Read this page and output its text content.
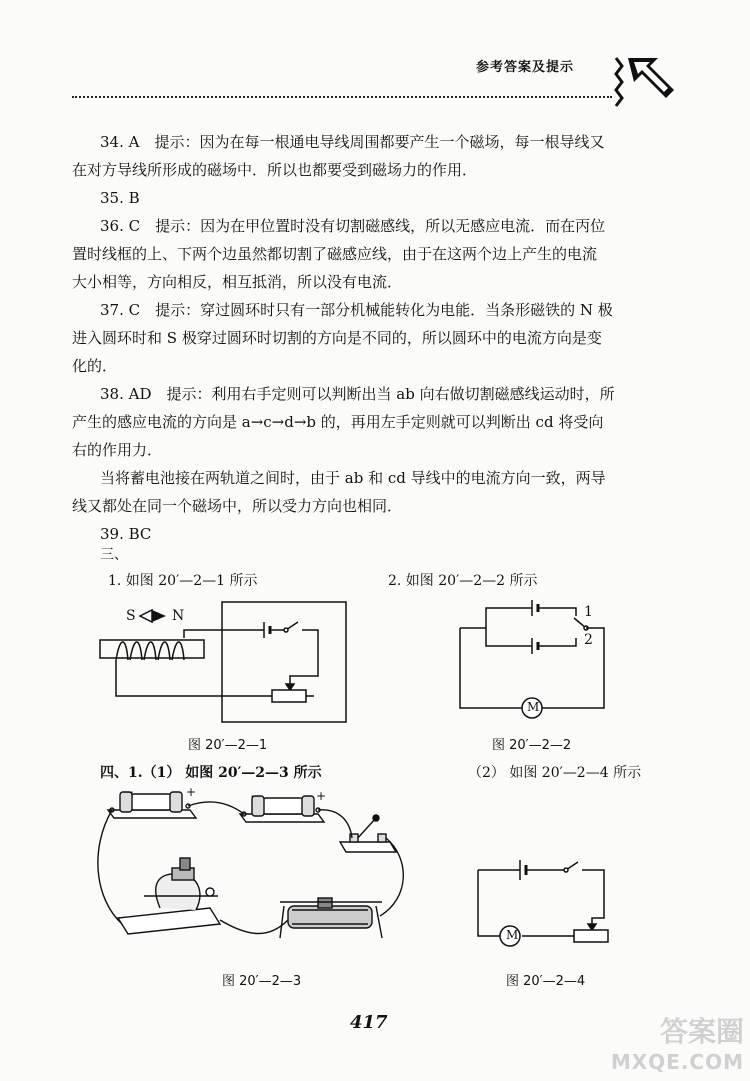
参考答案及提示

34. A　提示：因为在每一根通电导线周围都要产生一个磁场，每一根导线又

在对方导线所形成的磁场中．所以也都要受到磁场力的作用．

35. B

36. C　提示：因为在甲位置时没有切割磁感线，所以无感应电流．而在丙位

置时线框的上、下两个边虽然都切割了磁感应线，由于在这两个边上产生的电流

大小相等，方向相反，相互抵消，所以没有电流．

37. C　提示：穿过圆环时只有一部分机械能转化为电能．当条形磁铁的 N 极

进入圆环时和 S 极穿过圆环时切割的方向是不同的，所以圆环中的电流方向是变

化的．

38. AD　提示：利用右手定则可以判断出当 ab 向右做切割磁感线运动时，所

产生的感应电流的方向是 a→c→d→b 的，再用左手定则就可以判断出 cd 将受向

右的作用力．

当将蓄电池接在两轨道之间时，由于 ab 和 cd 导线中的电流方向一致，两导

线又都处在同一个磁场中，所以受力方向也相同．

39. BC

三、
1. 如图 20′—2—1 所示	2. 如图 20′—2—2 所示
S	N
图 20′—2—1
1
2
M
图 20′—2—2
四、1.（1） 如图 20′—2—3 所示	（2） 如图 20′—2—4 所示
−	+	−	+
图 20′—2—3
M
图 20′—2—4
417	答案圈
MXQE.COM
